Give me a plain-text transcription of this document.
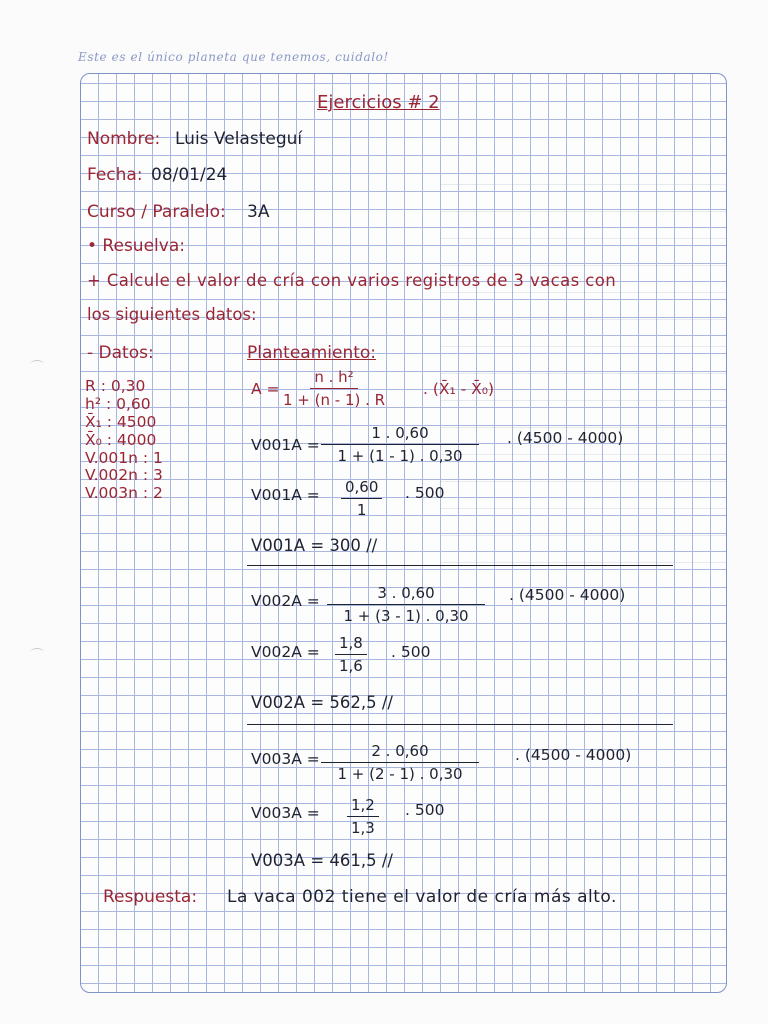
Este es el único planeta que tenemos, cuidalo!
Ejercicios # 2
Nombre: Luis Velasteguí
Fecha: 08/01/24
Curso / Paralelo: 3A
• Resuelva:
+ Calcule el valor de cría con varios registros de 3 vacas con
los siguientes datos:
- Datos:
R : 0,30
h² : 0,60
X̄₁ : 4500
X̄₀ : 4000
V.001n : 1
V.002n : 3
V.003n : 2
Planteamiento:
$A = \frac{\text{n . h²}}{1 + (n - 1) . R}$ . (X̄₁ - X̄₀)
$V001A = \frac{1 . 0,60}{1 + (1 - 1) . 0,30}$ . (4500 - 4000)
$V001A = \frac{0,60}{1}$ . 500
V001A = 300 //
$V002A = \frac{3 . 0,60}{1 + (3 - 1) . 0,30}$ . (4500 - 4000)
$V002A = \frac{1,8}{1,6}$ . 500
V002A = 562,5 //
$V003A = \frac{2 . 0,60}{1 + (2 - 1) . 0,30}$ . (4500 - 4000)
$V003A = \frac{1,2}{1,3}$ . 500
V003A = 461,5 //
Respuesta: La vaca 002 tiene el valor de cría más alto.
